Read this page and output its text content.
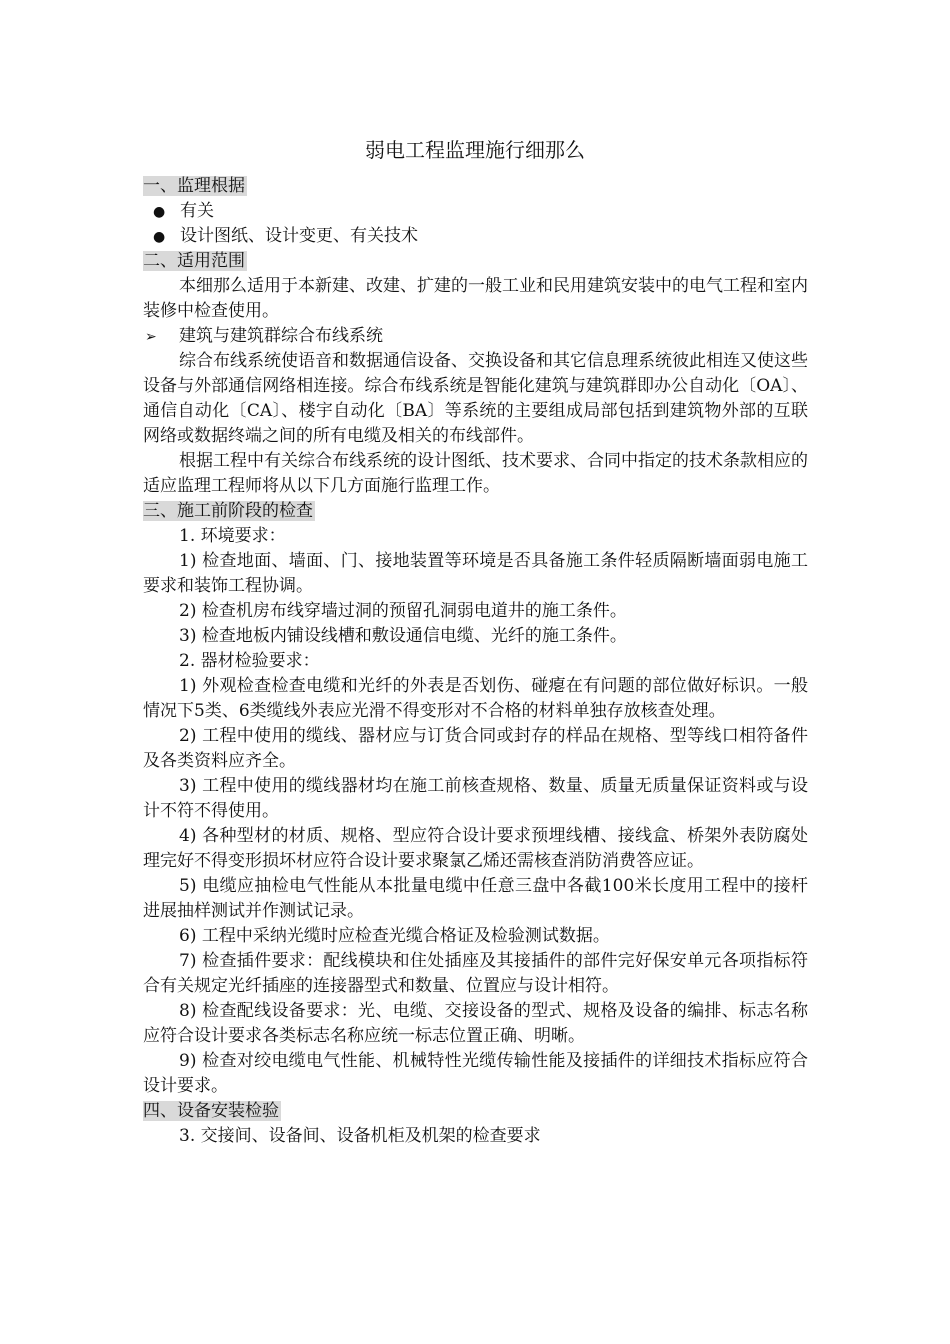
弱电工程监理施行细那么
一、监理根据
● 有关
● 设计图纸、设计变更、有关技术
二、适用范围
本细那么适用于本新建、改建、扩建的一般工业和民用建筑安装中的电气工程和室内装修中检查使用。
➢ 建筑与建筑群综合布线系统
综合布线系统使语音和数据通信设备、交换设备和其它信息理系统彼此相连又使这些设备与外部通信网络相连接。综合布线系统是智能化建筑与建筑群即办公自动化〔OA〕、通信自动化〔CA〕、楼宇自动化〔BA〕等系统的主要组成局部包括到建筑物外部的互联网络或数据终端之间的所有电缆及相关的布线部件。
根据工程中有关综合布线系统的设计图纸、技术要求、合同中指定的技术条款相应的适应监理工程师将从以下几方面施行监理工作。
三、施工前阶段的检查
1. 环境要求：
1) 检查地面、墙面、门、接地装置等环境是否具备施工条件轻质隔断墙面弱电施工要求和装饰工程协调。
2) 检查机房布线穿墙过洞的预留孔洞弱电道井的施工条件。
3) 检查地板内铺设线槽和敷设通信电缆、光纤的施工条件。
2. 器材检验要求：
1) 外观检查检查电缆和光纤的外表是否划伤、碰瘪在有问题的部位做好标识。一般情况下5类、6类缆线外表应光滑不得变形对不合格的材料单独存放核查处理。
2) 工程中使用的缆线、器材应与订货合同或封存的样品在规格、型等线口相符备件及各类资料应齐全。
3) 工程中使用的缆线器材均在施工前核查规格、数量、质量无质量保证资料或与设计不符不得使用。
4) 各种型材的材质、规格、型应符合设计要求预埋线槽、接线盒、桥架外表防腐处理完好不得变形损坏材应符合设计要求聚氯乙烯还需核查消防消费答应证。
5) 电缆应抽检电气性能从本批量电缆中任意三盘中各截100米长度用工程中的接杆进展抽样测试并作测试记录。
6) 工程中采纳光缆时应检查光缆合格证及检验测试数据。
7) 检查插件要求：配线模块和住处插座及其接插件的部件完好保安单元各项指标符合有关规定光纤插座的连接器型式和数量、位置应与设计相符。
8) 检查配线设备要求：光、电缆、交接设备的型式、规格及设备的编排、标志名称应符合设计要求各类标志名称应统一标志位置正确、明晰。
9) 检查对绞电缆电气性能、机械特性光缆传输性能及接插件的详细技术指标应符合设计要求。
四、设备安装检验
3. 交接间、设备间、设备机柜及机架的检查要求
